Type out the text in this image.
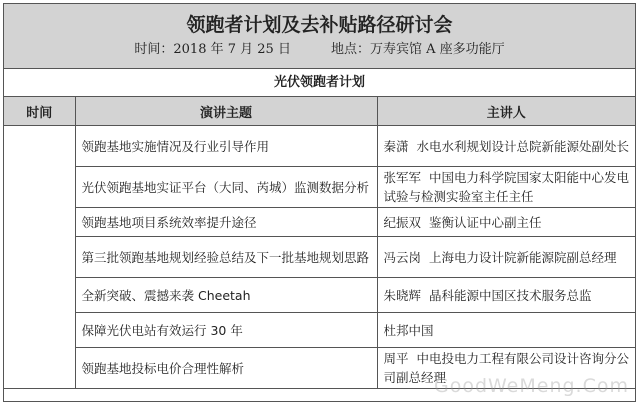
领跑者计划及去补贴路径研讨会
时间：2018 年 7 月 25 日	地点：万寿宾馆 A 座多功能厅
光伏领跑者计划
时间	演讲主题	主讲人
	领跑基地实施情况及行业引导作用	秦潇  水电水利规划设计总院新能源处副处长
	光伏领跑基地实证平台（大同、芮城）监测数据分析	张军军  中国电力科学院国家太阳能中心发电试验与检测实验室主任主任
	领跑基地项目系统效率提升途径	纪振双  鉴衡认证中心副主任
	第三批领跑基地规划经验总结及下一批基地规划思路	冯云岗  上海电力设计院新能源院副总经理
	全新突破、震撼来袭 Cheetah	朱晓辉  晶科能源中国区技术服务总监
	保障光伏电站有效运行 30 年	杜邦中国
	领跑基地投标电价合理性解析	周平  中电投电力工程有限公司设计咨询分公司副总经理
GoodWeMeng.Com
